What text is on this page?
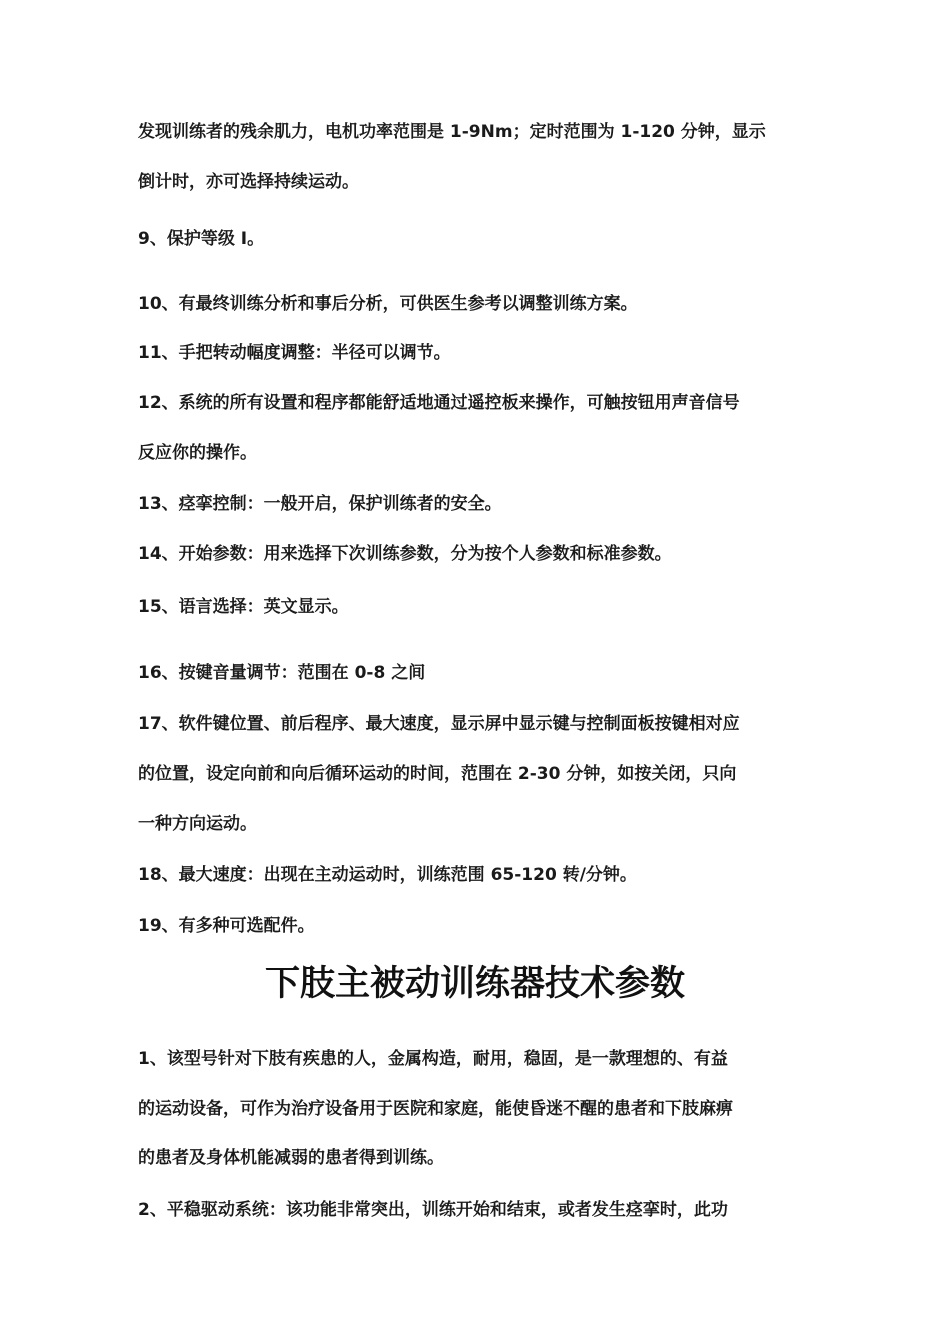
发现训练者的残余肌力，电机功率范围是 1-9Nm；定时范围为 1-120 分钟，显示
倒计时，亦可选择持续运动。
9、保护等级 I。
10、有最终训练分析和事后分析，可供医生参考以调整训练方案。
11、手把转动幅度调整：半径可以调节。
12、系统的所有设置和程序都能舒适地通过遥控板来操作，可触按钮用声音信号
反应你的操作。
13、痉挛控制：一般开启，保护训练者的安全。
14、开始参数：用来选择下次训练参数，分为按个人参数和标准参数。
15、语言选择：英文显示。
16、按键音量调节：范围在 0-8 之间
17、软件键位置、前后程序、最大速度，显示屏中显示键与控制面板按键相对应
的位置，设定向前和向后循环运动的时间，范围在 2-30 分钟，如按关闭，只向
一种方向运动。
18、最大速度：出现在主动运动时，训练范围 65-120 转/分钟。
19、有多种可选配件。
下肢主被动训练器技术参数
1、该型号针对下肢有疾患的人，金属构造，耐用，稳固，是一款理想的、有益
的运动设备，可作为治疗设备用于医院和家庭，能使昏迷不醒的患者和下肢麻痹
的患者及身体机能减弱的患者得到训练。
2、平稳驱动系统：该功能非常突出，训练开始和结束，或者发生痉挛时，此功
